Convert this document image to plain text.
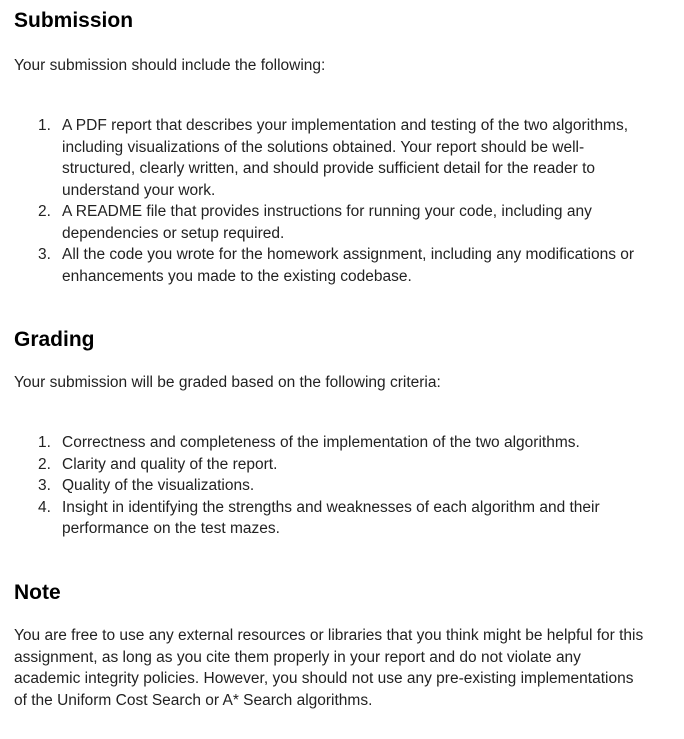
Submission

Your submission should include the following:

1. A PDF report that describes your implementation and testing of the two algorithms, including visualizations of the solutions obtained. Your report should be well-structured, clearly written, and should provide sufficient detail for the reader to understand your work.
2. A README file that provides instructions for running your code, including any dependencies or setup required.
3. All the code you wrote for the homework assignment, including any modifications or enhancements you made to the existing codebase.
Grading

Your submission will be graded based on the following criteria:

1. Correctness and completeness of the implementation of the two algorithms.
2. Clarity and quality of the report.
3. Quality of the visualizations.
4. Insight in identifying the strengths and weaknesses of each algorithm and their performance on the test mazes.
Note

You are free to use any external resources or libraries that you think might be helpful for this assignment, as long as you cite them properly in your report and do not violate any academic integrity policies. However, you should not use any pre-existing implementations of the Uniform Cost Search or A* Search algorithms.
